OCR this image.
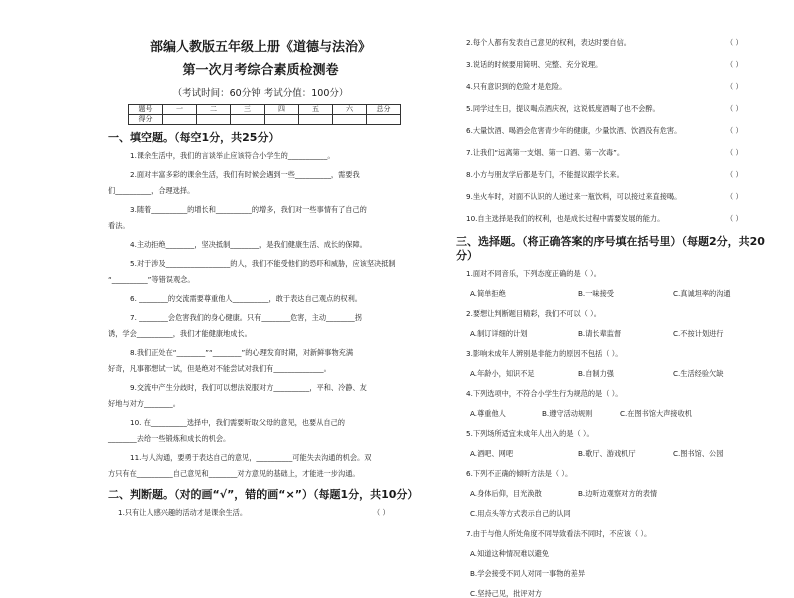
部编人教版五年级上册《道德与法治》
第一次月考综合素质检测卷
（考试时间：60分钟 考试分值：100分）
题号	一	二	三	四	五	六	总分
得分							
一、填空题。（每空1分，共25分）
1.课余生活中，我们的言谈举止应该符合小学生的___________。
2.面对丰富多彩的课余生活，我们有时候会遇到一些__________，需要我
们__________，合理选择。
3.随着__________的增长和__________的增多，我们对一些事情有了自己的
看法。
4.主动拒绝________，坚决抵制________，是我们健康生活、成长的保障。
5.对于涉及__________________的人，我们不能受他们的恐吓和威胁，应该坚决抵制
“__________”等错误观念。
6. ________的交流需要尊重他人__________，敢于表达自己观点的权利。
7. ________会危害我们的身心健康。只有________危害，主动________拐
诱，学会__________，我们才能健康地成长。
8.我们正处在“________”“________”的心理发育时期，对新鲜事物充满
好奇，凡事都想试一试，但是绝对不能尝试对我们有______________。
9.交流中产生分歧时，我们可以想法说服对方__________，平和、冷静、友
好地与对方________。
10. 在__________选择中，我们需要听取父母的意见，也要从自己的
________去给一些锻炼和成长的机会。
11.与人沟通，要勇于表达自己的意见，__________可能失去沟通的机会。双
方只有在__________自己意见和________对方意见的基础上，才能进一步沟通。
二、判断题。（对的画“√”，错的画“×”）（每题1分，共10分）
1.只有让人感兴趣的活动才是课余生活。	（ ）
2.每个人都有发表自己意见的权利，表达时要自信。	（ ）
3.说话的时候要用简明、完整、充分说理。	（ ）
4.只有意识到的危险才是危险。	（ ）
5.同学过生日，提议喝点酒庆祝，这说低度酒喝了也不会醉。	（ ）
6.大量饮酒、喝酒会危害青少年的健康，少量饮酒、饮酒没有危害。	（ ）
7.让我们“远离第一支烟、第一口酒、第一次毒”。	（ ）
8.小方与朋友学后都是专门，不能提议跟学长来。	（ ）
9.坐火车时，对面不认识的人递过来一瓶饮料，可以接过来直接喝。	（ ）
10.自主选择是我们的权利，也是成长过程中需要发展的能力。	（ ）
三、选择题。（将正确答案的序号填在括号里）（每题2分，共20分）
1.面对不同音乐，下列态度正确的是（ ）。
A.简单拒绝	B.一味接受	C.真诚坦率的沟通
2.要想让判断题目精彩，我们不可以（ ）。
A.制订详细的计划	B.请长辈监督	C.不按计划进行
3.影响未成年人辨别是非能力的原因不包括（ ）。
A.年龄小，知识不足	B.自制力强	C.生活经验欠缺
4.下列选项中，不符合小学生行为规范的是（ ）。
A.尊重他人	B.遵守活动规则	C.在图书馆大声接收机
5.下列场所适宜未成年人出入的是（ ）。
A.酒吧、网吧	B.歌厅、游戏机厅	C.图书馆、公园
6.下列不正确的倾听方法是（ ）。
A.身体后仰，目光涣散	B.边听边观察对方的表情
C.用点头等方式表示自己的认同
7.由于与他人所处角度不同导致看法不同时，不应该（ ）。
A.知道这种情况难以避免
B.学会接受不同人对同一事物的差异
C.坚持己见，批评对方
